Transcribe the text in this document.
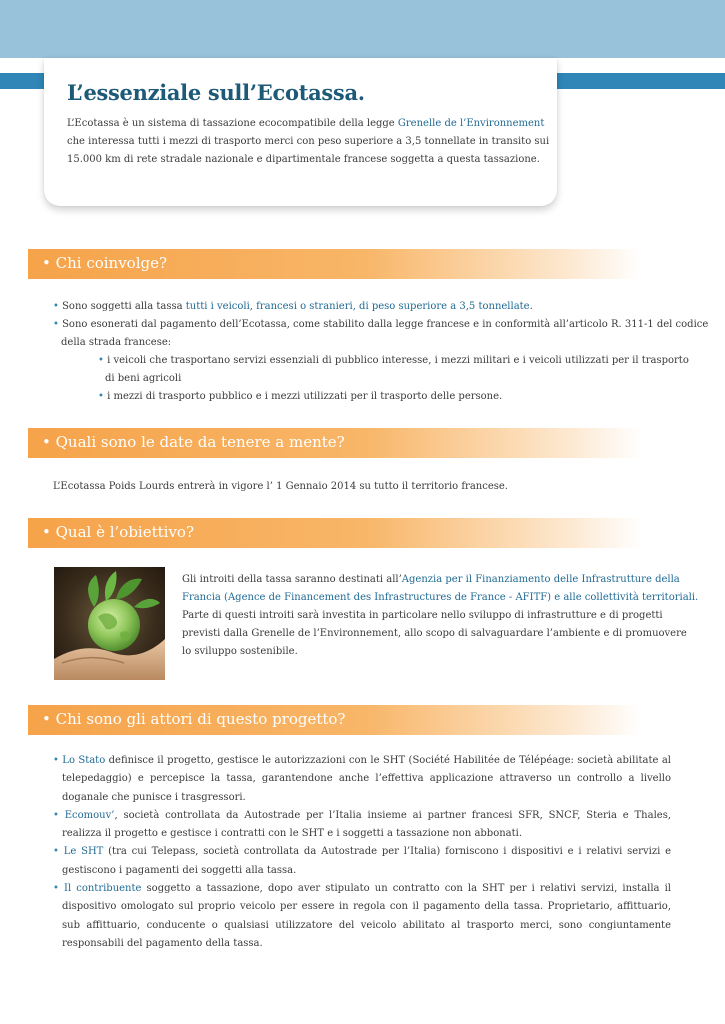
L’essenziale sull’Ecotassa.
L’Ecotassa è un sistema di tassazione ecocompatibile della legge Grenelle de l’Environnement
che interessa tutti i mezzi di trasporto merci con peso superiore a 3,5 tonnellate in transito sui
15.000 km di rete stradale nazionale e dipartimentale francese soggetta a questa tassazione.
• Chi coinvolge?
• Sono soggetti alla tassa tutti i veicoli, francesi o stranieri, di peso superiore a 3,5 tonnellate.
• Sono esonerati dal pagamento dell’Ecotassa, come stabilito dalla legge francese e in conformità all’articolo R. 311-1 del codice
della strada francese:
• i veicoli che trasportano servizi essenziali di pubblico interesse, i mezzi militari e i veicoli utilizzati per il trasporto
di beni agricoli
• i mezzi di trasporto pubblico e i mezzi utilizzati per il trasporto delle persone.
• Quali sono le date da tenere a mente?
L’Ecotassa Poids Lourds entrerà in vigore l’ 1 Gennaio 2014 su tutto il territorio francese.
• Qual è l’obiettivo?
Gli introiti della tassa saranno destinati all’Agenzia per il Finanziamento delle Infrastrutture della
Francia (Agence de Financement des Infrastructures de France - AFITF) e alle collettività territoriali.
Parte di questi introiti sarà investita in particolare nello sviluppo di infrastrutture e di progetti
previsti dalla Grenelle de l’Environnement, allo scopo di salvaguardare l’ambiente e di promuovere
lo sviluppo sostenibile.
• Chi sono gli attori di questo progetto?

• Lo Stato definisce il progetto, gestisce le autorizzazioni con le SHT (Société Habilitée de Télépéage: società abilitate al telepedaggio) e percepisce la tassa, garantendone anche l’effettiva applicazione attraverso un controllo a livello doganale che punisce i trasgressori.

• Ecomouv’, società controllata da Autostrade per l’Italia insieme ai partner francesi SFR, SNCF, Steria e Thales, realizza il progetto e gestisce i contratti con le SHT e i soggetti a tassazione non abbonati.

• Le SHT (tra cui Telepass, società controllata da Autostrade per l’Italia) forniscono i dispositivi e i relativi servizi e gestiscono i pagamenti dei soggetti alla tassa.

• Il contribuente soggetto a tassazione, dopo aver stipulato un contratto con la SHT per i relativi servizi, installa il dispositivo omologato sul proprio veicolo per essere in regola con il pagamento della tassa. Proprietario, affittuario, sub affittuario, conducente o qualsiasi utilizzatore del veicolo abilitato al trasporto merci, sono congiuntamente responsabili del pagamento della tassa.
